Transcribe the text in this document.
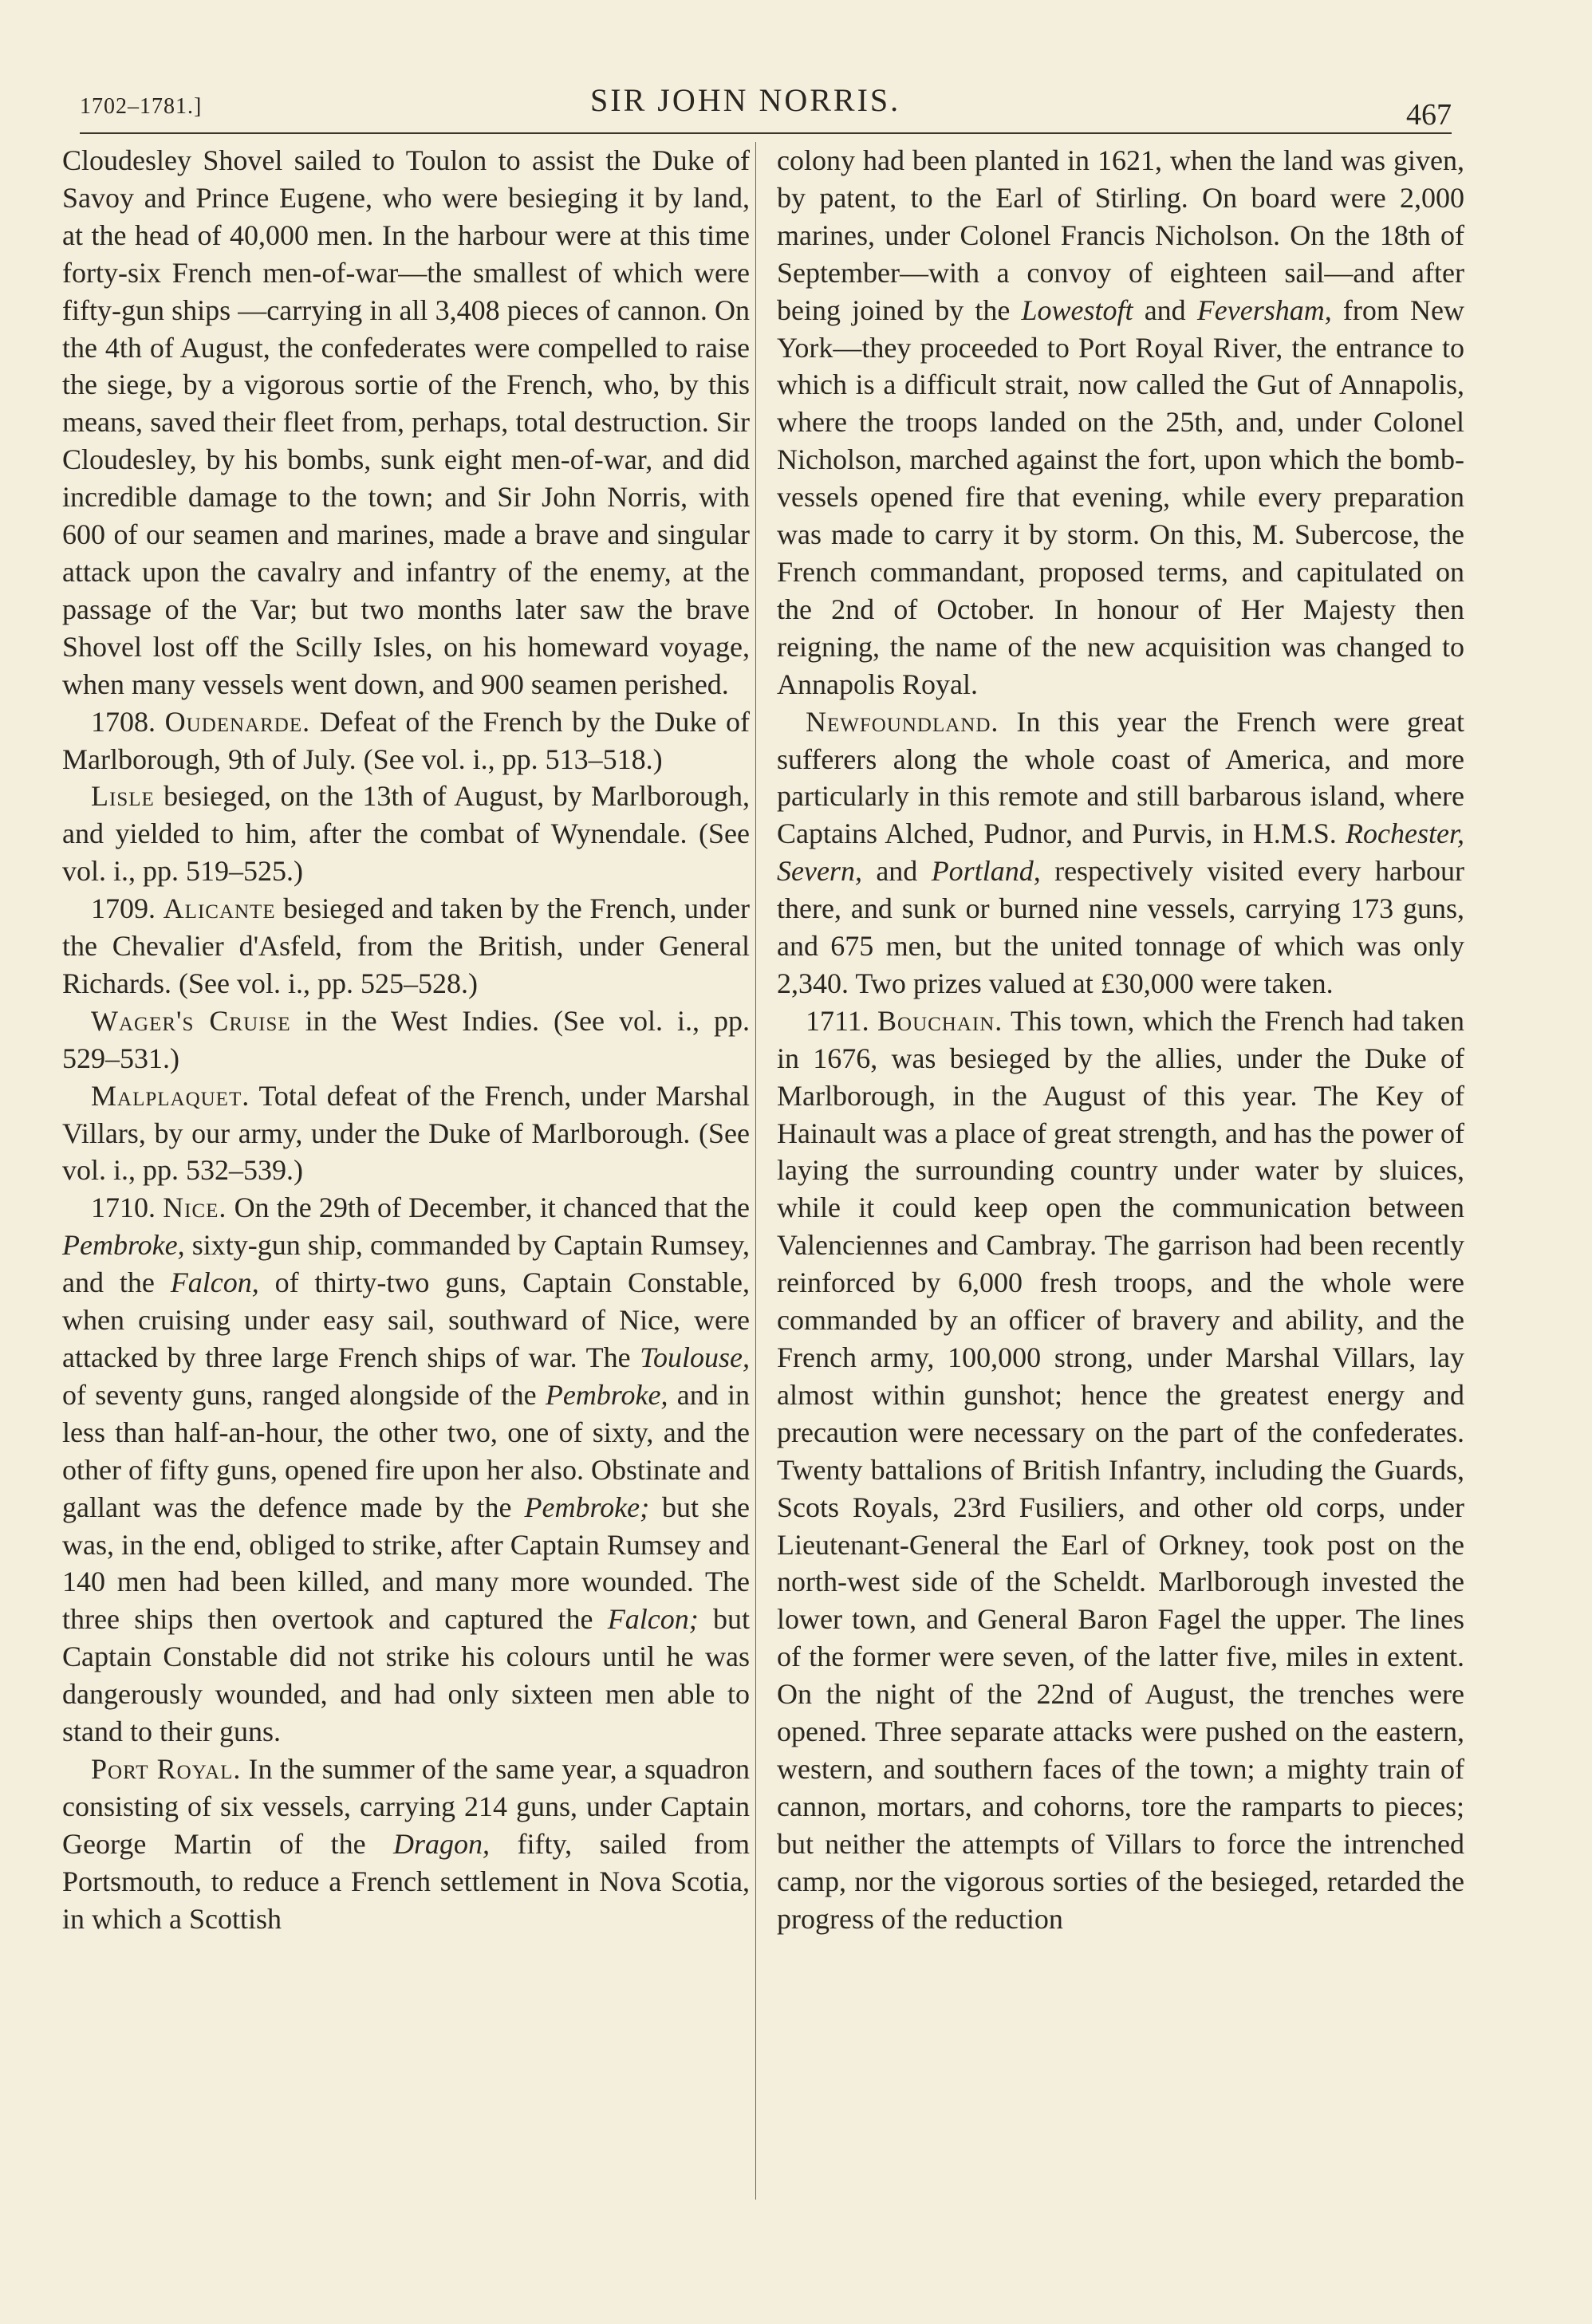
1702–1781.]	SIR JOHN NORRIS.	467

Cloudesley Shovel sailed to Toulon to assist the Duke of Savoy and Prince Eugene, who were besieging it by land, at the head of 40,000 men. In the harbour were at this time forty-six French men-of-war—the smallest of which were fifty-gun ships —carrying in all 3,408 pieces of cannon. On the 4th of August, the confederates were compelled to raise the siege, by a vigorous sortie of the French, who, by this means, saved their fleet from, perhaps, total destruction. Sir Cloudesley, by his bombs, sunk eight men-of-war, and did incredible damage to the town; and Sir John Norris, with 600 of our seamen and marines, made a brave and singular attack upon the cavalry and infantry of the enemy, at the passage of the Var; but two months later saw the brave Shovel lost off the Scilly Isles, on his homeward voyage, when many vessels went down, and 900 seamen perished.

1708. Oudenarde. Defeat of the French by the Duke of Marlborough, 9th of July. (See vol. i., pp. 513–518.)

Lisle besieged, on the 13th of August, by Marlborough, and yielded to him, after the combat of Wynendale. (See vol. i., pp. 519–525.)

1709. Alicante besieged and taken by the French, under the Chevalier d'Asfeld, from the British, under General Richards. (See vol. i., pp. 525–528.)

Wager's Cruise in the West Indies. (See vol. i., pp. 529–531.)

Malplaquet. Total defeat of the French, under Marshal Villars, by our army, under the Duke of Marlborough. (See vol. i., pp. 532–539.)

1710. Nice. On the 29th of December, it chanced that the Pembroke, sixty-gun ship, commanded by Captain Rumsey, and the Falcon, of thirty-two guns, Captain Constable, when cruising under easy sail, southward of Nice, were attacked by three large French ships of war. The Toulouse, of seventy guns, ranged alongside of the Pembroke, and in less than half-an-hour, the other two, one of sixty, and the other of fifty guns, opened fire upon her also. Obstinate and gallant was the defence made by the Pembroke; but she was, in the end, obliged to strike, after Captain Rumsey and 140 men had been killed, and many more wounded. The three ships then overtook and captured the Falcon; but Captain Constable did not strike his colours until he was dangerously wounded, and had only sixteen men able to stand to their guns.

Port Royal. In the summer of the same year, a squadron consisting of six vessels, carrying 214 guns, under Captain George Martin of the Dragon, fifty, sailed from Portsmouth, to reduce a French settlement in Nova Scotia, in which a Scottish

colony had been planted in 1621, when the land was given, by patent, to the Earl of Stirling. On board were 2,000 marines, under Colonel Francis Nicholson. On the 18th of September—with a convoy of eighteen sail—and after being joined by the Lowestoft and Feversham, from New York—they proceeded to Port Royal River, the entrance to which is a difficult strait, now called the Gut of Annapolis, where the troops landed on the 25th, and, under Colonel Nicholson, marched against the fort, upon which the bomb-vessels opened fire that evening, while every preparation was made to carry it by storm. On this, M. Subercose, the French commandant, proposed terms, and capitulated on the 2nd of October. In honour of Her Majesty then reigning, the name of the new acquisition was changed to Annapolis Royal.

Newfoundland. In this year the French were great sufferers along the whole coast of America, and more particularly in this remote and still barbarous island, where Captains Alched, Pudnor, and Purvis, in H.M.S. Rochester, Severn, and Portland, respectively visited every harbour there, and sunk or burned nine vessels, carrying 173 guns, and 675 men, but the united tonnage of which was only 2,340. Two prizes valued at £30,000 were taken.

1711. Bouchain. This town, which the French had taken in 1676, was besieged by the allies, under the Duke of Marlborough, in the August of this year. The Key of Hainault was a place of great strength, and has the power of laying the surrounding country under water by sluices, while it could keep open the communication between Valenciennes and Cambray. The garrison had been recently reinforced by 6,000 fresh troops, and the whole were commanded by an officer of bravery and ability, and the French army, 100,000 strong, under Marshal Villars, lay almost within gunshot; hence the greatest energy and precaution were necessary on the part of the confederates. Twenty battalions of British Infantry, including the Guards, Scots Royals, 23rd Fusiliers, and other old corps, under Lieutenant-General the Earl of Orkney, took post on the north-west side of the Scheldt. Marlborough invested the lower town, and General Baron Fagel the upper. The lines of the former were seven, of the latter five, miles in extent. On the night of the 22nd of August, the trenches were opened. Three separate attacks were pushed on the eastern, western, and southern faces of the town; a mighty train of cannon, mortars, and cohorns, tore the ramparts to pieces; but neither the attempts of Villars to force the intrenched camp, nor the vigorous sorties of the besieged, retarded the progress of the reduction
